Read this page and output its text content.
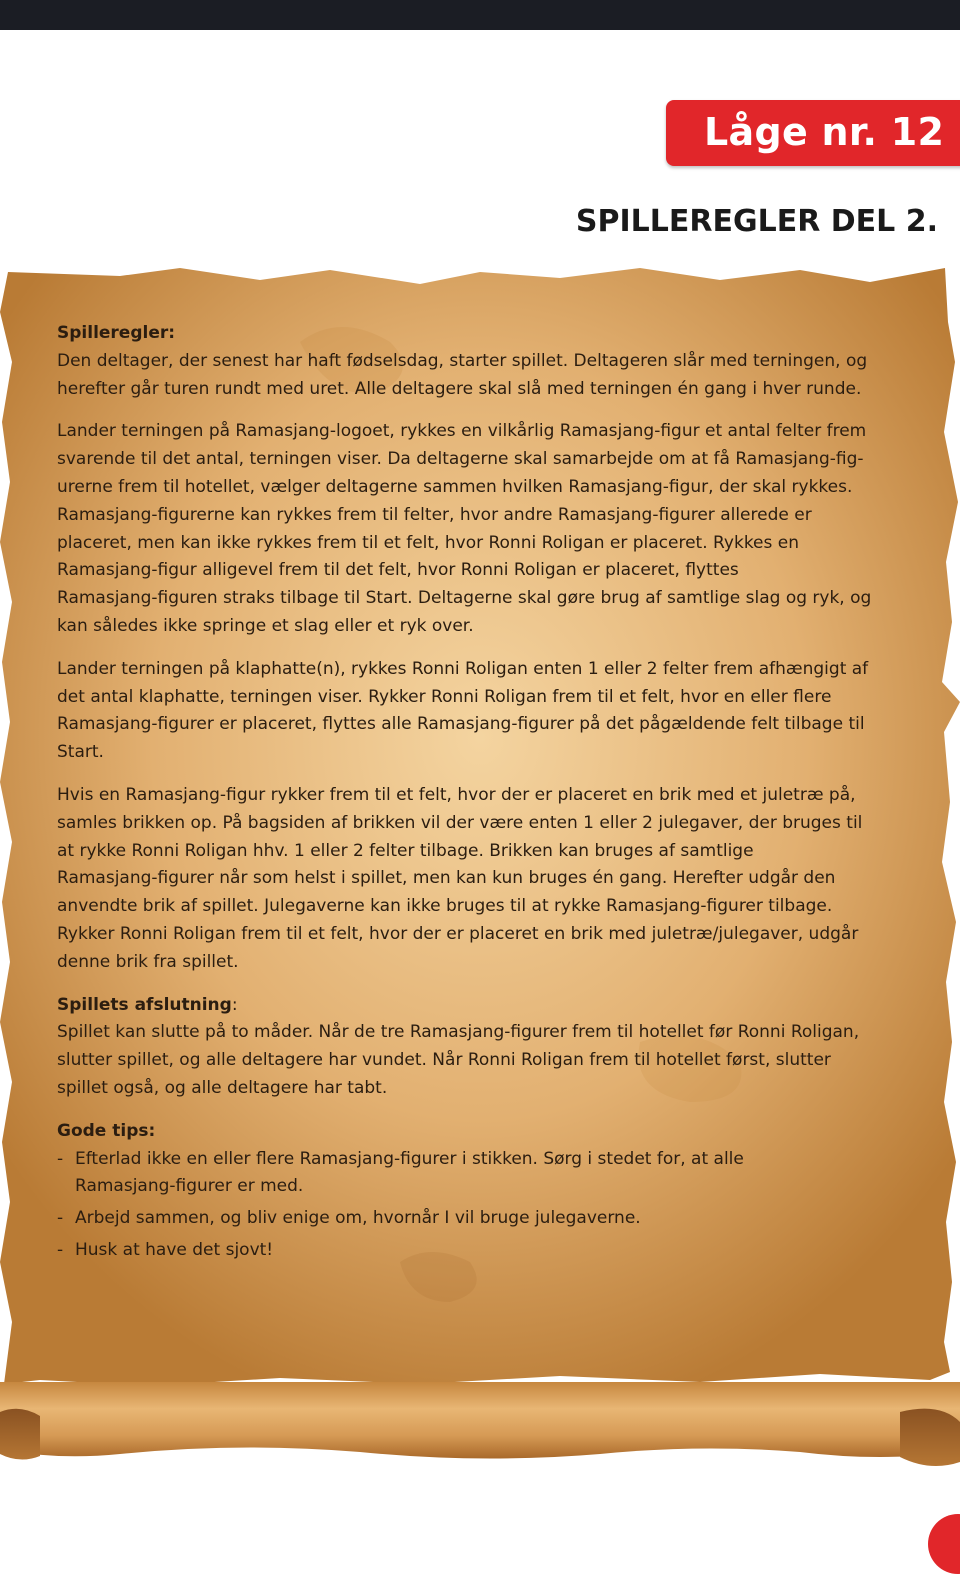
Låge nr. 12
SPILLEREGLER DEL 2.

Spilleregler:
Den deltager, der senest har haft fødselsdag, starter spillet. Deltageren slår med terningen, og
herefter går turen rundt med uret. Alle deltagere skal slå med terningen én gang i hver runde.

Lander terningen på Ramasjang-logoet, rykkes en vilkårlig Ramasjang-figur et antal felter frem
svarende til det antal, terningen viser. Da deltagerne skal samarbejde om at få Ramasjang-fig-
urerne frem til hotellet, vælger deltagerne sammen hvilken Ramasjang-figur, der skal rykkes.
Ramasjang-figurerne kan rykkes frem til felter, hvor andre Ramasjang-figurer allerede er
placeret, men kan ikke rykkes frem til et felt, hvor Ronni Roligan er placeret. Rykkes en
Ramasjang-figur alligevel frem til det felt, hvor Ronni Roligan er placeret, flyttes
Ramasjang-figuren straks tilbage til Start. Deltagerne skal gøre brug af samtlige slag og ryk, og
kan således ikke springe et slag eller et ryk over.

Lander terningen på klaphatte(n), rykkes Ronni Roligan enten 1 eller 2 felter frem afhængigt af
det antal klaphatte, terningen viser. Rykker Ronni Roligan frem til et felt, hvor en eller flere
Ramasjang-figurer er placeret, flyttes alle Ramasjang-figurer på det pågældende felt tilbage til
Start.

Hvis en Ramasjang-figur rykker frem til et felt, hvor der er placeret en brik med et juletræ på,
samles brikken op. På bagsiden af brikken vil der være enten 1 eller 2 julegaver, der bruges til
at rykke Ronni Roligan hhv. 1 eller 2 felter tilbage. Brikken kan bruges af samtlige
Ramasjang-figurer når som helst i spillet, men kan kun bruges én gang. Herefter udgår den
anvendte brik af spillet. Julegaverne kan ikke bruges til at rykke Ramasjang-figurer tilbage.
Rykker Ronni Roligan frem til et felt, hvor der er placeret en brik med juletræ/julegaver, udgår
denne brik fra spillet.

Spillets afslutning:
Spillet kan slutte på to måder. Når de tre Ramasjang-figurer frem til hotellet før Ronni Roligan,
slutter spillet, og alle deltagere har vundet. Når Ronni Roligan frem til hotellet først, slutter
spillet også, og alle deltagere har tabt.

Gode tips:
- Efterlad ikke en eller flere Ramasjang-figurer i stikken. Sørg i stedet for, at alle
Ramasjang-figurer er med.
- Arbejd sammen, og bliv enige om, hvornår I vil bruge julegaverne.
- Husk at have det sjovt!
